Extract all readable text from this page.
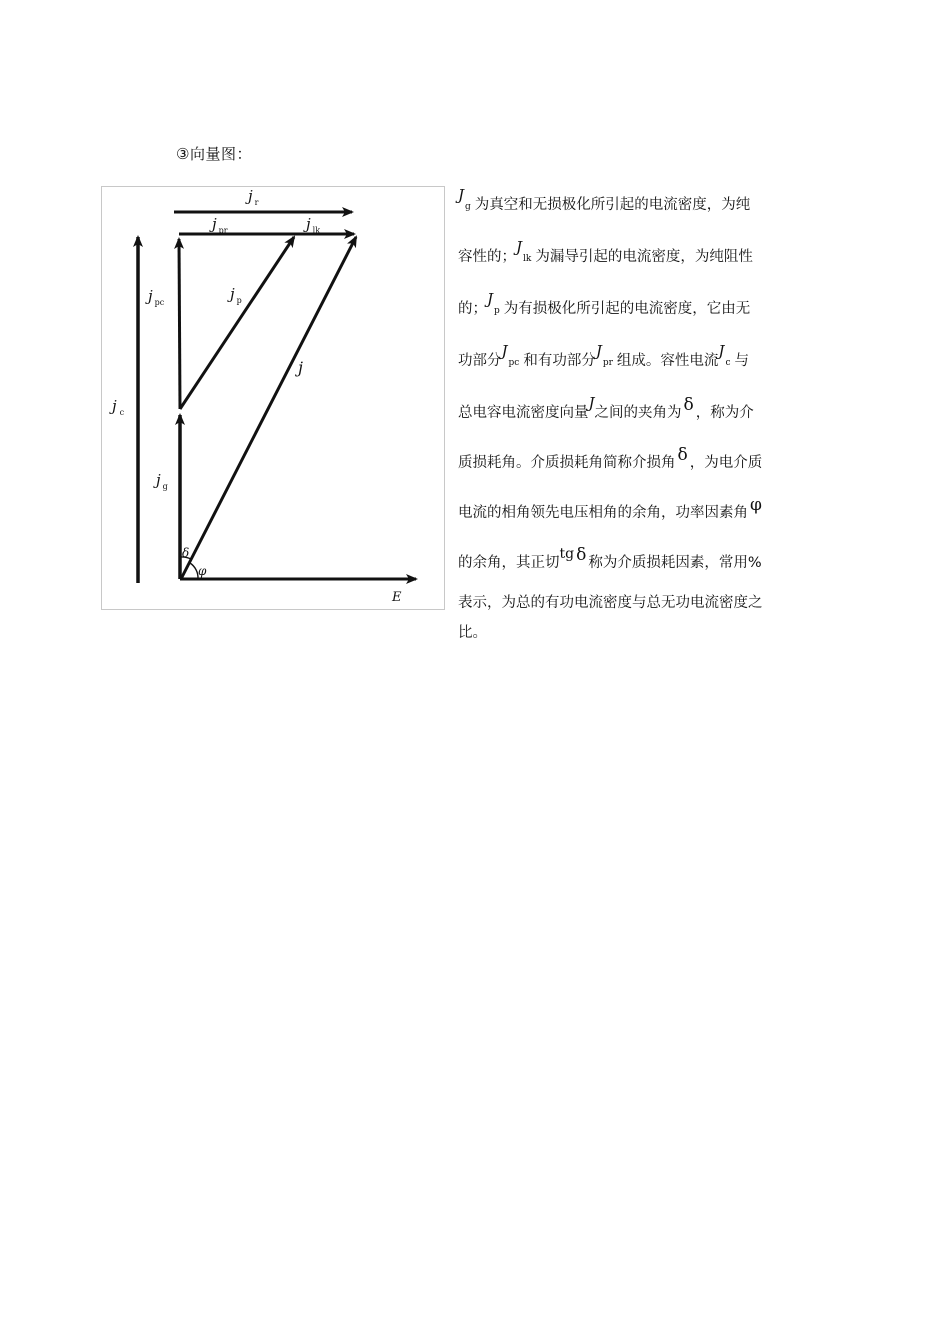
③向量图：
j $_r$
j $_{pr}$	j $_{lk}$
j $_{pc}$	j $_p$
j
j $_c$
j $_g$
δ
φ
E

Jg 为真空和无损极化所引起的电流密度，为纯

容性的；Jlk 为漏导引起的电流密度，为纯阻性

的；Jp 为有损极化所引起的电流密度，它由无

功部分Jpc 和有功部分Jpr 组成。容性电流Jc 与

总电容电流密度向量J之间的夹角为 δ ，称为介

质损耗角。介质损耗角简称介损角 δ ，为电介质

电流的相角领先电压相角的余角，功率因素角 φ

的余角，其正切tg δ 称为介质损耗因素，常用%

表示，为总的有功电流密度与总无功电流密度之

比。
